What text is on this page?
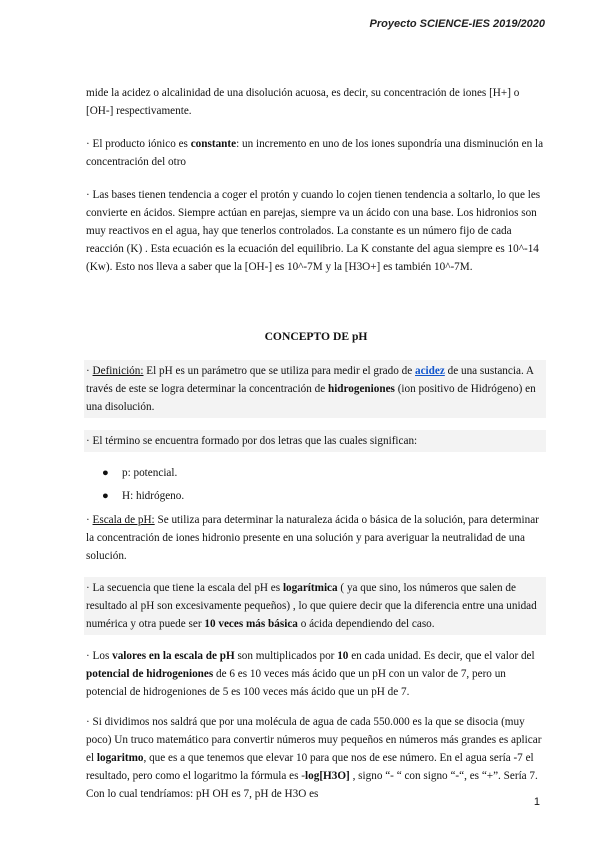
Proyecto SCIENCE-IES 2019/2020

mide la acidez o alcalinidad de una disolución acuosa, es decir, su concentración de iones [H+] o [OH-] respectivamente.

· El producto iónico es constante: un incremento en uno de los iones supondría una disminución en la concentración del otro

· Las bases tienen tendencia a coger el protón y cuando lo cojen tienen tendencia a soltarlo, lo que les convierte en ácidos. Siempre actúan en parejas, siempre va un ácido con una base. Los hidronios son muy reactivos en el agua, hay que tenerlos controlados. La constante es un número fijo de cada reacción (K) . Esta ecuación es la ecuación del equilibrio. La K constante del agua siempre es 10^-14 (Kw). Esto nos lleva a saber que la [OH-] es 10^-7M y la [H3O+] es también 10^-7M.

CONCEPTO DE pH

· Definición: El pH es un parámetro que se utiliza para medir el grado de acidez de una sustancia. A través de este se logra determinar la concentración de hidrogeniones (ion positivo de Hidrógeno) en una disolución.

· El término se encuentra formado por dos letras que las cuales significan:

● p: potencial.
● H: hidrógeno.

· Escala de pH: Se utiliza para determinar la naturaleza ácida o básica de la solución, para determinar la concentración de iones hidronio presente en una solución y para averiguar la neutralidad de una solución.

· La secuencia que tiene la escala del pH es logarítmica ( ya que sino, los números que salen de resultado al pH son excesivamente pequeños) , lo que quiere decir que la diferencia entre una unidad numérica y otra puede ser 10 veces más básica o ácida dependiendo del caso.

· Los valores en la escala de pH son multiplicados por 10 en cada unidad. Es decir, que el valor del potencial de hidrogeniones de 6 es 10 veces más ácido que un pH con un valor de 7, pero un potencial de hidrogeniones de 5 es 100 veces más ácido que un pH de 7.

· Si dividimos nos saldrá que por una molécula de agua de cada 550.000 es la que se disocia (muy poco) Un truco matemático para convertir números muy pequeños en números más grandes es aplicar el logaritmo, que es a que tenemos que elevar 10 para que nos de ese número. En el agua sería -7 el resultado, pero como el logaritmo la fórmula es -log[H3O] , signo “- “ con signo “-“, es “+”. Sería 7. Con lo cual tendríamos: pH OH es 7, pH de H3O es

1
